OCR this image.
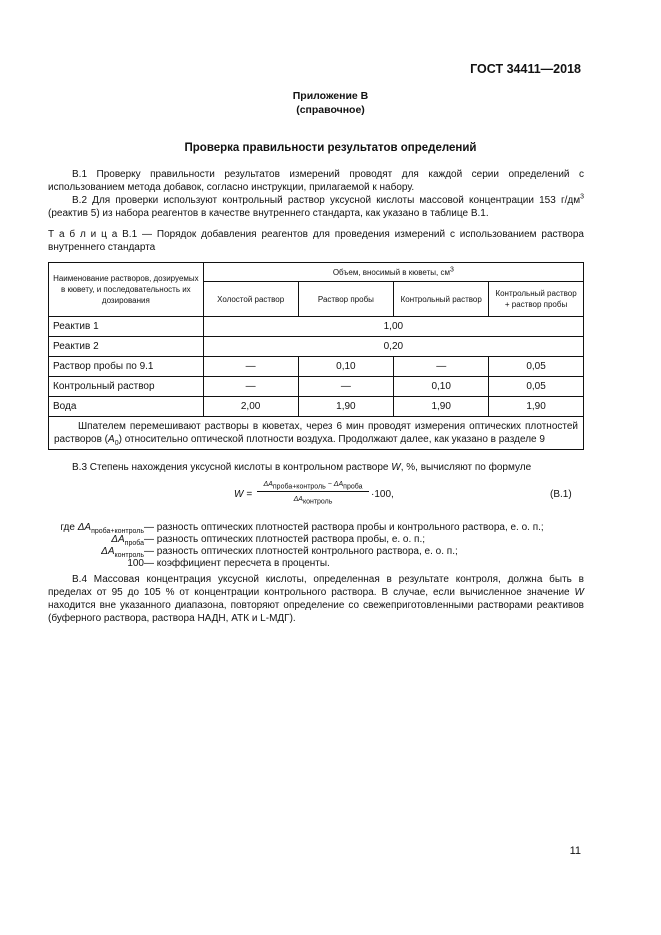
ГОСТ 34411—2018
Приложение В
(справочное)
Проверка правильности результатов определений

В.1 Проверку правильности результатов измерений проводят для каждой серии определений с использованием метода добавок, согласно инструкции, прилагаемой к набору.

В.2 Для проверки используют контрольный раствор уксусной кислоты массовой концентрации 153 $г/дм^3$ (реактив 5) из набора реагентов в качестве внутреннего стандарта, как указано в таблице В.1.

Т а б л и ц а В.1 — Порядок добавления реагентов для проведения измерений с использованием раствора внутреннего стандарта

Наименование растворов, дозируемых в кювету, и последовательность их дозирования	Объем, вносимый в кюветы, $см^3$
	Холостой раствор	Раствор пробы	Контрольный раствор	Контрольный раствор + раствор пробы
Реактив 1	1,00			
Реактив 2	0,20			
Раствор пробы по 9.1	—	0,10	—	0,05
Контрольный раствор	—	—	0,10	0,05
Вода	2,00	1,90	1,90	1,90
Шпателем перемешивают растворы в кюветах, через 6 мин проводят измерения оптических плотностей растворов $(A_0)$ относительно оптической плотности воздуха. Продолжают далее, как указано в разделе 9				

В.3 Степень нахождения уксусной кислоты в контрольном растворе W, %, вычисляют по формуле

W =
$\Delta A_{проба+контроль} - \Delta A_{проба}$
$\Delta A_{контроль}$
·100,	(В.1)
где $\Delta A_{проба+контроль}$ — разность оптических плотностей раствора пробы и контрольного раствора, е. о. п.;
$\Delta A_{проба}$ — разность оптических плотностей раствора пробы, е. о. п.;
$\Delta A_{контроль}$ — разность оптических плотностей контрольного раствора, е. о. п.;
100 — коэффициент пересчета в проценты.

В.4 Массовая концентрация уксусной кислоты, определенная в результате контроля, должна быть в пределах от 95 до 105 % от концентрации контрольного раствора. В случае, если вычисленное значение W находится вне указанного диапазона, повторяют определение со свежеприготовленными растворами реактивов (буферного раствора, раствора НАДН, АТК и L-МДГ).

11
